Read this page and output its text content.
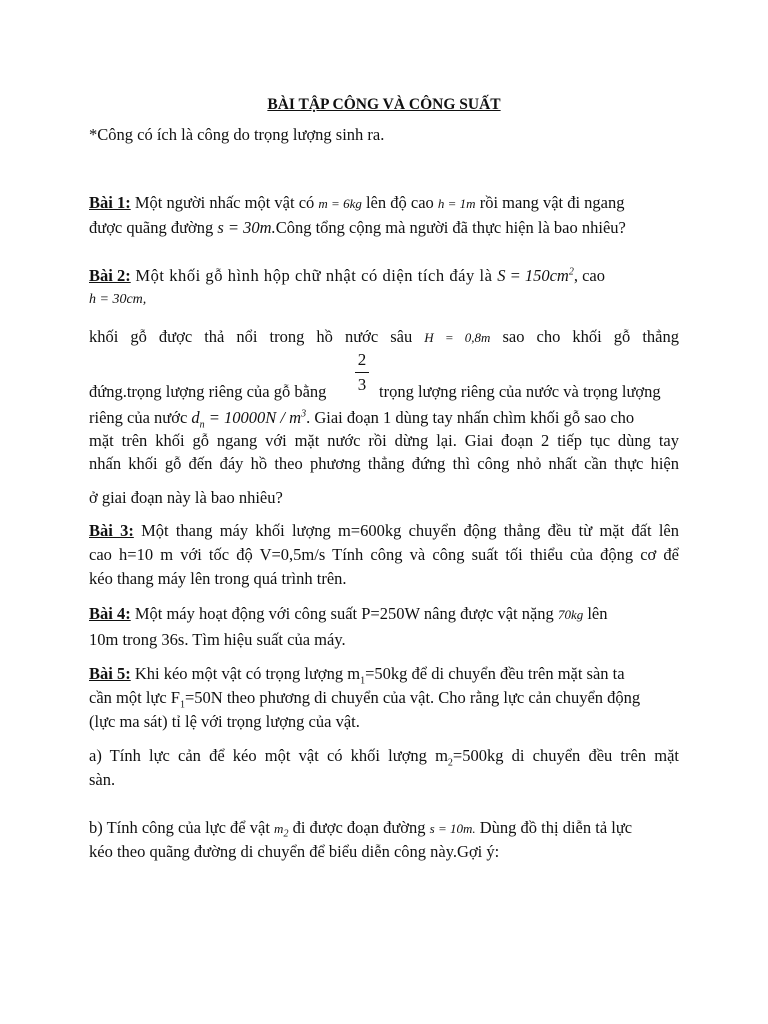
BÀI TẬP CÔNG VÀ CÔNG SUẤT
*Công có ích là công do trọng lượng sinh ra.
Bài 1: Một người nhấc một vật có m = 6kg lên độ cao h = 1m rồi mang vật đi ngang
được quãng đường s = 30m.Công tổng cộng mà người đã thực hiện là bao nhiêu?
Bài 2: Một khối gỗ hình hộp chữ nhật có diện tích đáy là $S = 150cm^2$, cao
h = 30cm,
khối gỗ được thả nổi trong hồ nước sâu H = 0,8m sao cho khối gỗ thẳng
2
3
đứng.trọng lượng riêng của gỗ bằng	trọng lượng riêng của nước và trọng lượng
riêng của nước $d_n = 10000N / m^3$. Giai đoạn 1 dùng tay nhấn chìm khối gỗ sao cho
mặt trên khối gỗ ngang với mặt nước rồi dừng lại. Giai đoạn 2 tiếp tục dùng tay
nhấn khối gỗ đến đáy hồ theo phương thẳng đứng thì công nhỏ nhất cần thực hiện
ở giai đoạn này là bao nhiêu?
Bài 3: Một thang máy khối lượng m=600kg chuyển động thẳng đều từ mặt đất lên
cao h=10 m với tốc độ V=0,5m/s Tính công và công suất tối thiểu của động cơ để
kéo thang máy lên trong quá trình trên.
Bài 4: Một máy hoạt động với công suất P=250W nâng được vật nặng 70kg lên
10m trong 36s. Tìm hiệu suất của máy.
Bài 5: Khi kéo một vật có trọng lượng $m_1=50kg$ để di chuyển đều trên mặt sàn ta
cần một lực $F_1=50N$ theo phương di chuyển của vật. Cho rằng lực cản chuyển động
(lực ma sát) tỉ lệ với trọng lượng của vật.
a) Tính lực cản để kéo một vật có khối lượng $m_2=500kg$ di chuyển đều trên mặt
sàn.
b) Tính công của lực để vật $m_2$ đi được đoạn đường s = 10m. Dùng đồ thị diễn tả lực
kéo theo quãng đường di chuyển để biểu diễn công này.Gợi ý:
